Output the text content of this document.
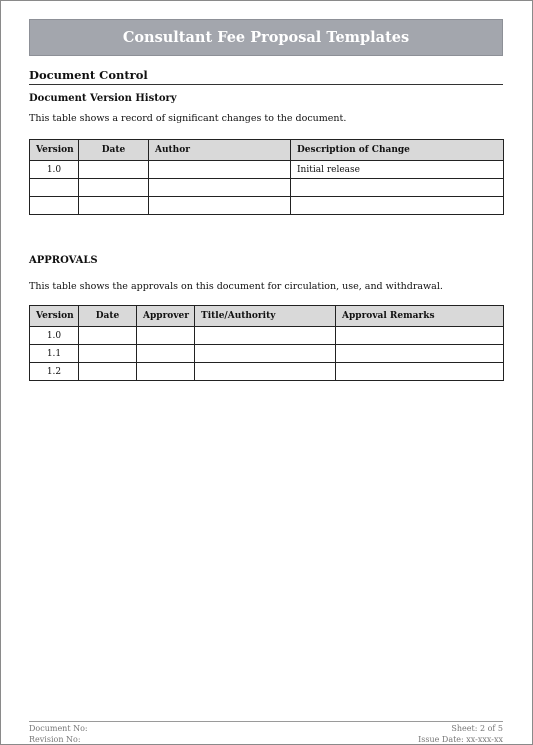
Consultant Fee Proposal Templates
Document Control
Document Version History
This table shows a record of significant changes to the document.
Version	Date	Author	Description of Change
1.0			Initial release

APPROVALS
This table shows the approvals on this document for circulation, use, and withdrawal.
Version	Date	Approver	Title/Authority	Approval Remarks
1.0				
1.1				
1.2				
Document No:	Sheet: 2 of 5
Revision No:	Issue Date: xx-xxx-xx
